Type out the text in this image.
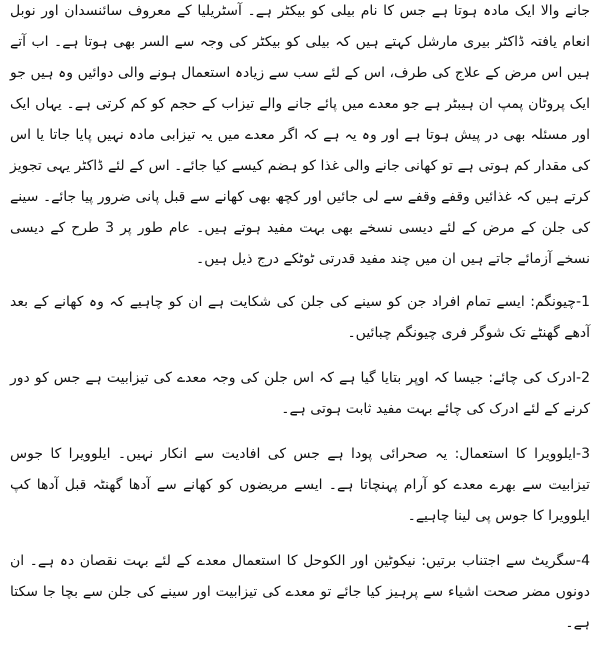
جانے والا ایک مادہ ہوتا ہے جس کا نام بیلی کو بیکٹر ہے۔ آسٹریلیا کے معروف سائنسدان اور نوبل انعام یافتہ ڈاکٹر بیری مارشل کہتے ہیں کہ بیلی کو بیکٹر کی وجہ سے السر بھی ہوتا ہے۔ اب آتے ہیں اس مرض کے علاج کی طرف، اس کے لئے سب سے زیادہ استعمال ہونے والی دوائیں وہ ہیں جو ایک پروٹان پمپ ان ہیبٹر ہے جو معدے میں پائے جانے والے تیزاب کے حجم کو کم کرتی ہے۔ یہاں ایک اور مسئلہ بھی در پیش ہوتا ہے اور وہ یہ ہے کہ اگر معدے میں یہ تیزابی مادہ نہیں پایا جاتا یا اس کی مقدار کم ہوتی ہے تو کھانی جانے والی غذا کو ہضم کیسے کیا جائے۔ اس کے لئے ڈاکٹر یہی تجویز کرتے ہیں کہ غذائیں وقفے وقفے سے لی جائیں اور کچھ بھی کھانے سے قبل پانی ضرور پیا جائے۔ سینے کی جلن کے مرض کے لئے دیسی نسخے بھی بہت مفید ہوتے ہیں۔ عام طور پر 3 طرح کے دیسی نسخے آزمائے جاتے ہیں ان میں چند مفید قدرتی ٹوٹکے درج ذیل ہیں۔

1-چیونگم: ایسے تمام افراد جن کو سینے کی جلن کی شکایت ہے ان کو چاہیے کہ وہ کھانے کے بعد آدھے گھنٹے تک شوگر فری چیونگم چبائیں۔

2-ادرک کی چائے: جیسا کہ اوپر بتایا گیا ہے کہ اس جلن کی وجہ معدے کی تیزابیت ہے جس کو دور کرنے کے لئے ادرک کی چائے بہت مفید ثابت ہوتی ہے۔

3-ایلوویرا کا استعمال: یہ صحرائی پودا ہے جس کی افادیت سے انکار نہیں۔ ایلوویرا کا جوس تیزابیت سے بھرے معدے کو آرام پہنچاتا ہے۔ ایسے مریضوں کو کھانے سے آدھا گھنٹہ قبل آدھا کپ ایلوویرا کا جوس پی لینا چاہیے۔

4-سگریٹ سے اجتناب برتیں: نیکوٹین اور الکوحل کا استعمال معدے کے لئے بہت نقصان دہ ہے۔ ان دونوں مضر صحت اشیاء سے پرہیز کیا جائے تو معدے کی تیزابیت اور سینے کی جلن سے بچا جا سکتا ہے۔
